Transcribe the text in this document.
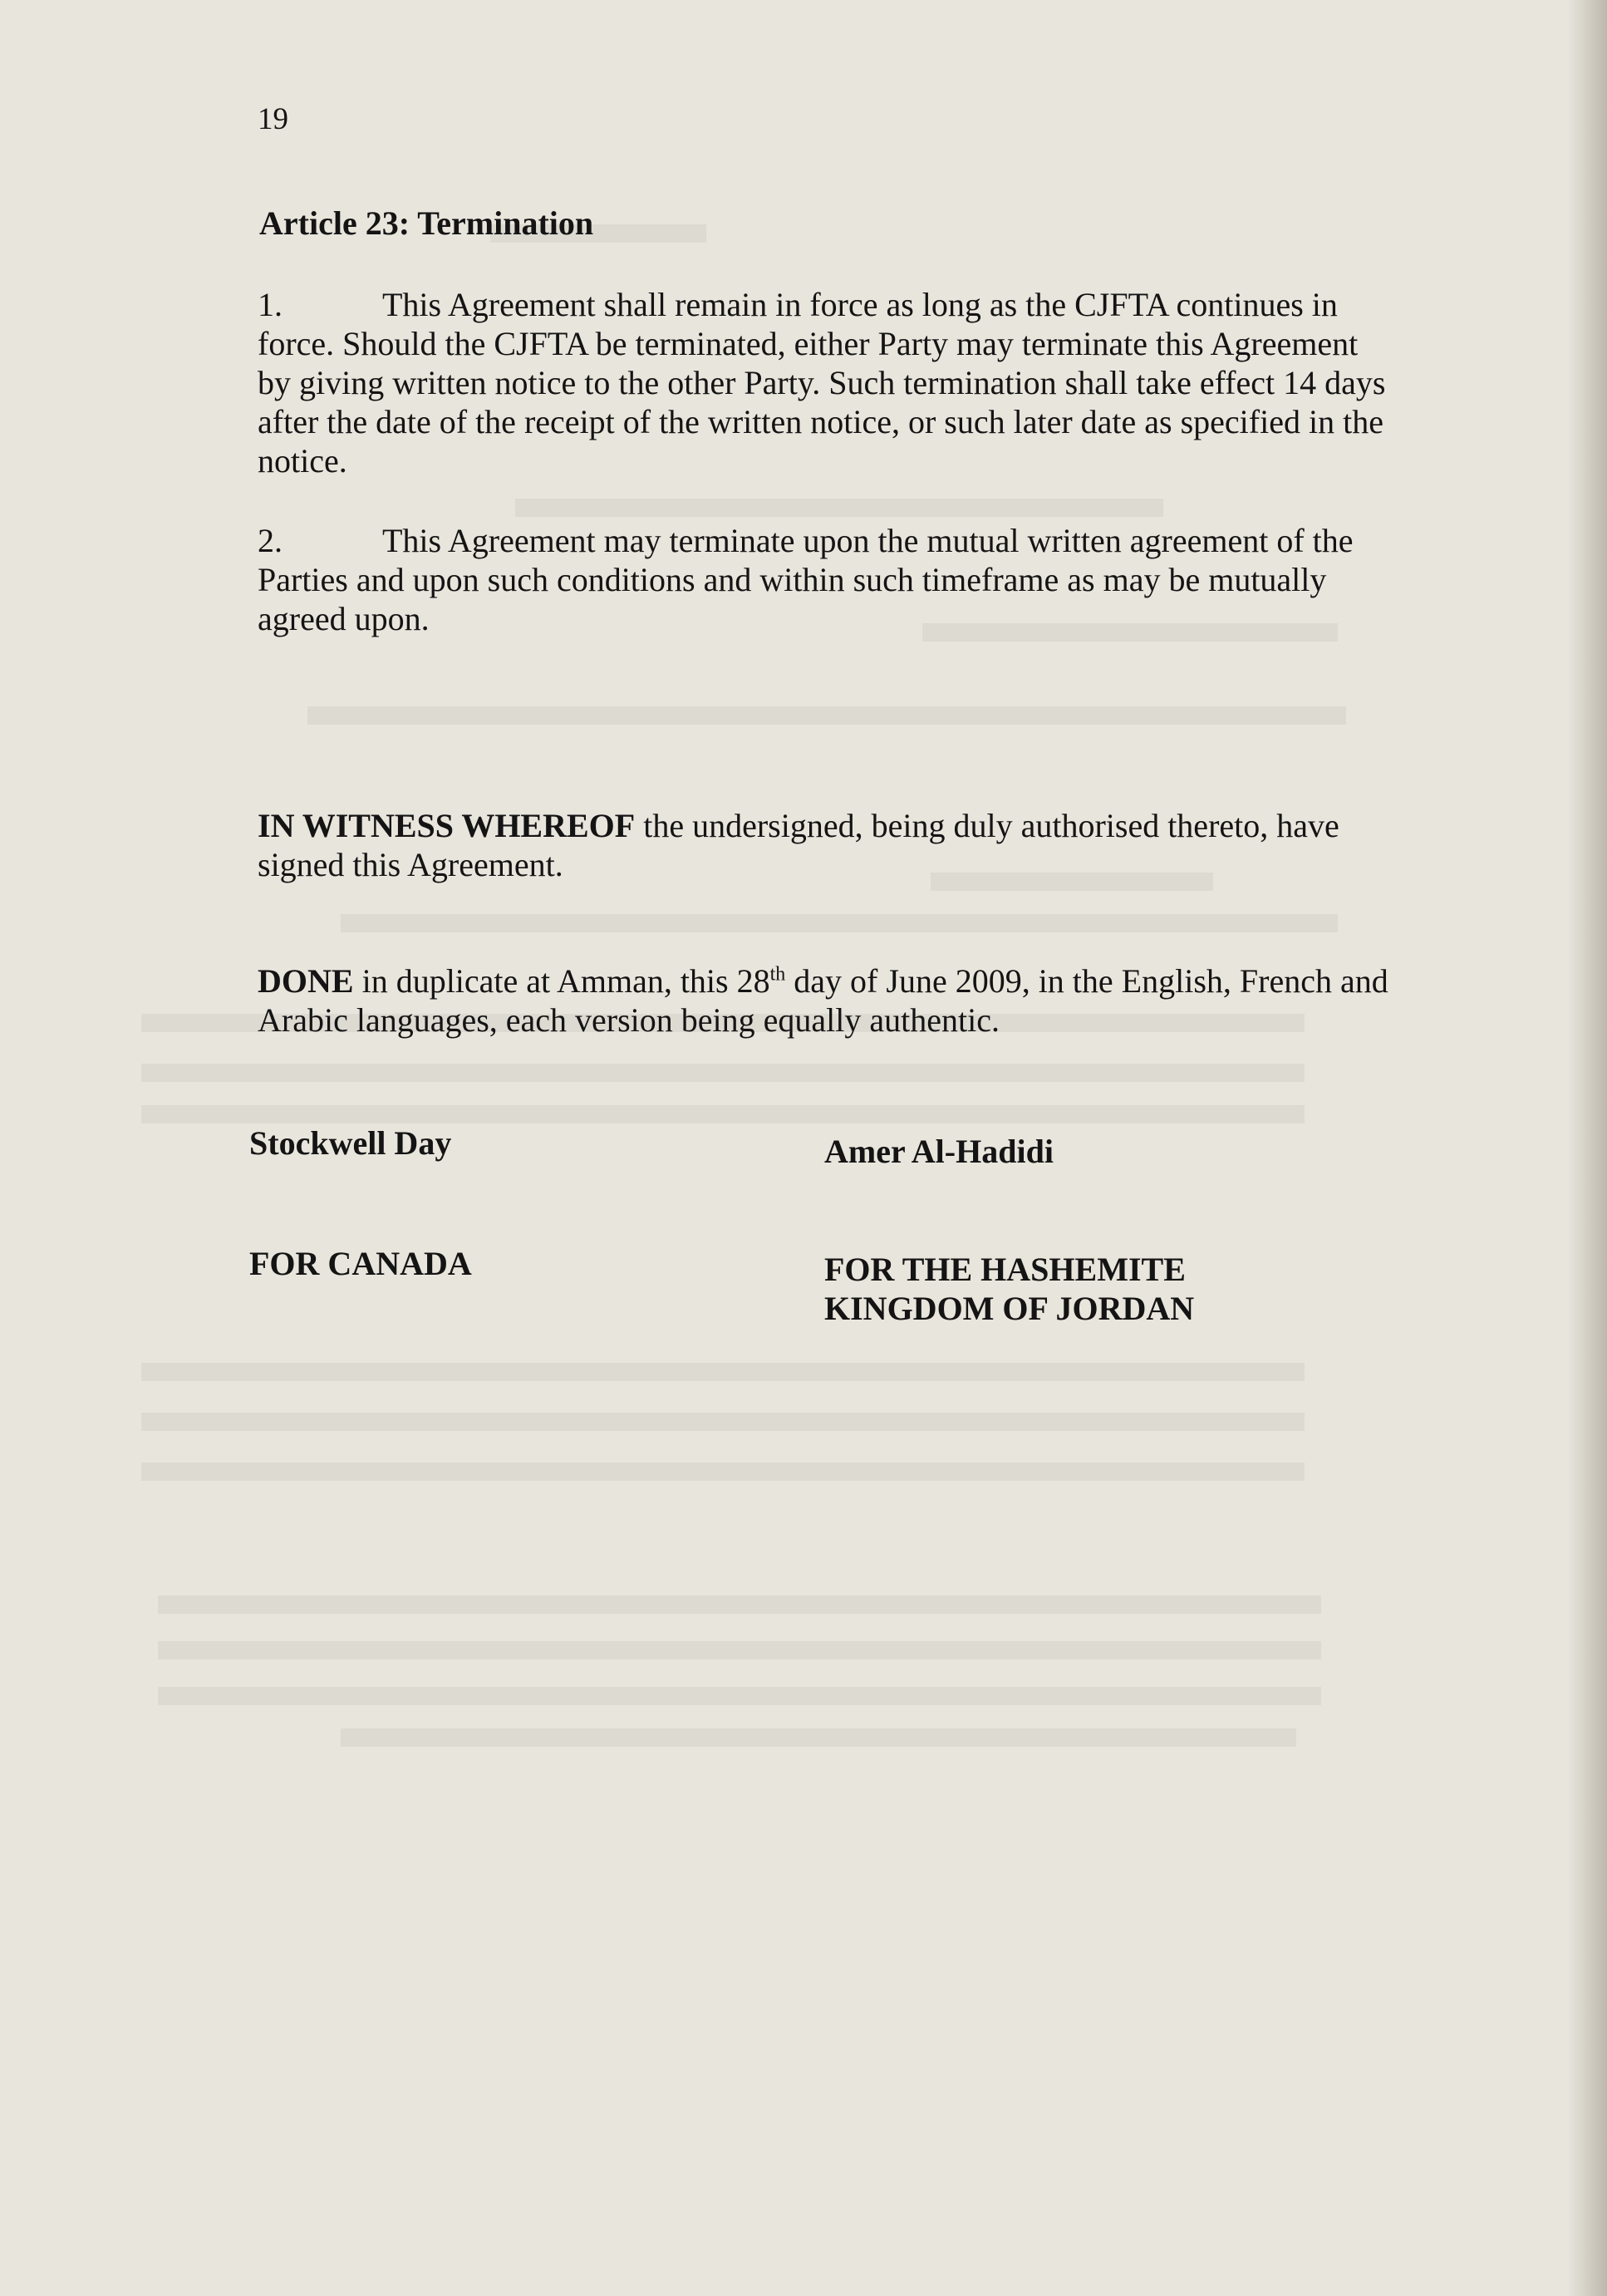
19
Article 23: Termination

1.	This Agreement shall remain in force as long as the CJFTA continues in force. Should the CJFTA be terminated, either Party may terminate this Agreement by giving written notice to the other Party. Such termination shall take effect 14 days after the date of the receipt of the written notice, or such later date as specified in the notice.

2.	This Agreement may terminate upon the mutual written agreement of the Parties and upon such conditions and within such timeframe as may be mutually agreed upon.

IN WITNESS WHEREOF the undersigned, being duly authorised thereto, have signed this Agreement.

DONE in duplicate at Amman, this 28th day of June 2009, in the English, French and Arabic languages, each version being equally authentic.

Stockwell Day	Amer Al-Hadidi
FOR CANADA	FOR THE HASHEMITE KINGDOM OF JORDAN
